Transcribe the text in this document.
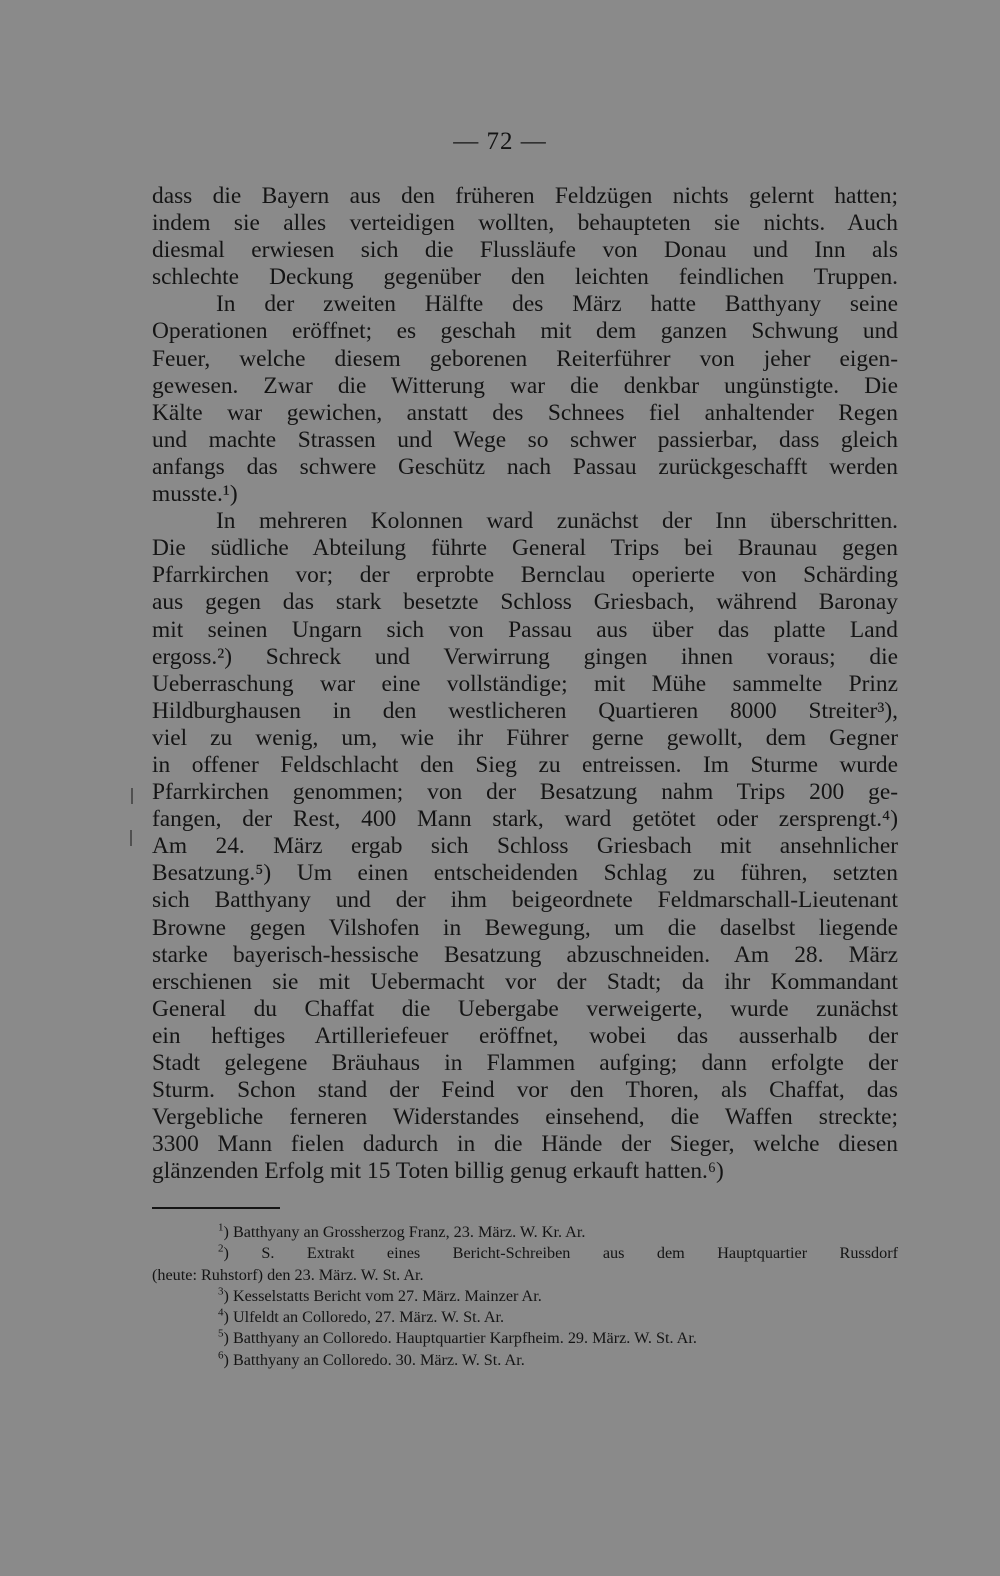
— 72 —
dass die Bayern aus den früheren Feldzügen nichts gelernt hatten;
indem sie alles verteidigen wollten, behaupteten sie nichts. Auch
diesmal erwiesen sich die Flussläufe von Donau und Inn als
schlechte Deckung gegenüber den leichten feindlichen Truppen.
In der zweiten Hälfte des März hatte Batthyany seine
Operationen eröffnet; es geschah mit dem ganzen Schwung und
Feuer, welche diesem geborenen Reiterführer von jeher eigen-
gewesen. Zwar die Witterung war die denkbar ungünstigte. Die
Kälte war gewichen, anstatt des Schnees fiel anhaltender Regen
und machte Strassen und Wege so schwer passierbar, dass gleich
anfangs das schwere Geschütz nach Passau zurückgeschafft werden
musste.¹)
In mehreren Kolonnen ward zunächst der Inn überschritten.
Die südliche Abteilung führte General Trips bei Braunau gegen
Pfarrkirchen vor; der erprobte Bernclau operierte von Schärding
aus gegen das stark besetzte Schloss Griesbach, während Baronay
mit seinen Ungarn sich von Passau aus über das platte Land
ergoss.²) Schreck und Verwirrung gingen ihnen voraus; die
Ueberraschung war eine vollständige; mit Mühe sammelte Prinz
Hildburghausen in den westlicheren Quartieren 8000 Streiter³),
viel zu wenig, um, wie ihr Führer gerne gewollt, dem Gegner
in offener Feldschlacht den Sieg zu entreissen. Im Sturme wurde
Pfarrkirchen genommen; von der Besatzung nahm Trips 200 ge-
fangen, der Rest, 400 Mann stark, ward getötet oder zersprengt.⁴)
Am 24. März ergab sich Schloss Griesbach mit ansehnlicher
Besatzung.⁵) Um einen entscheidenden Schlag zu führen, setzten
sich Batthyany und der ihm beigeordnete Feldmarschall-Lieutenant
Browne gegen Vilshofen in Bewegung, um die daselbst liegende
starke bayerisch-hessische Besatzung abzuschneiden. Am 28. März
erschienen sie mit Uebermacht vor der Stadt; da ihr Kommandant
General du Chaffat die Uebergabe verweigerte, wurde zunächst
ein heftiges Artilleriefeuer eröffnet, wobei das ausserhalb der
Stadt gelegene Bräuhaus in Flammen aufging; dann erfolgte der
Sturm. Schon stand der Feind vor den Thoren, als Chaffat, das
Vergebliche ferneren Widerstandes einsehend, die Waffen streckte;
3300 Mann fielen dadurch in die Hände der Sieger, welche diesen
glänzenden Erfolg mit 15 Toten billig genug erkauft hatten.⁶)
$^1$) Batthyany an Grossherzog Franz, 23. März. W. Kr. Ar.
$^2$) S. Extrakt eines Bericht-Schreiben aus dem Hauptquartier Russdorf
(heute: Ruhstorf) den 23. März. W. St. Ar.
$^3$) Kesselstatts Bericht vom 27. März. Mainzer Ar.
$^4$) Ulfeldt an Colloredo, 27. März. W. St. Ar.
$^5$) Batthyany an Colloredo. Hauptquartier Karpfheim. 29. März. W. St. Ar.
$^6$) Batthyany an Colloredo. 30. März. W. St. Ar.
